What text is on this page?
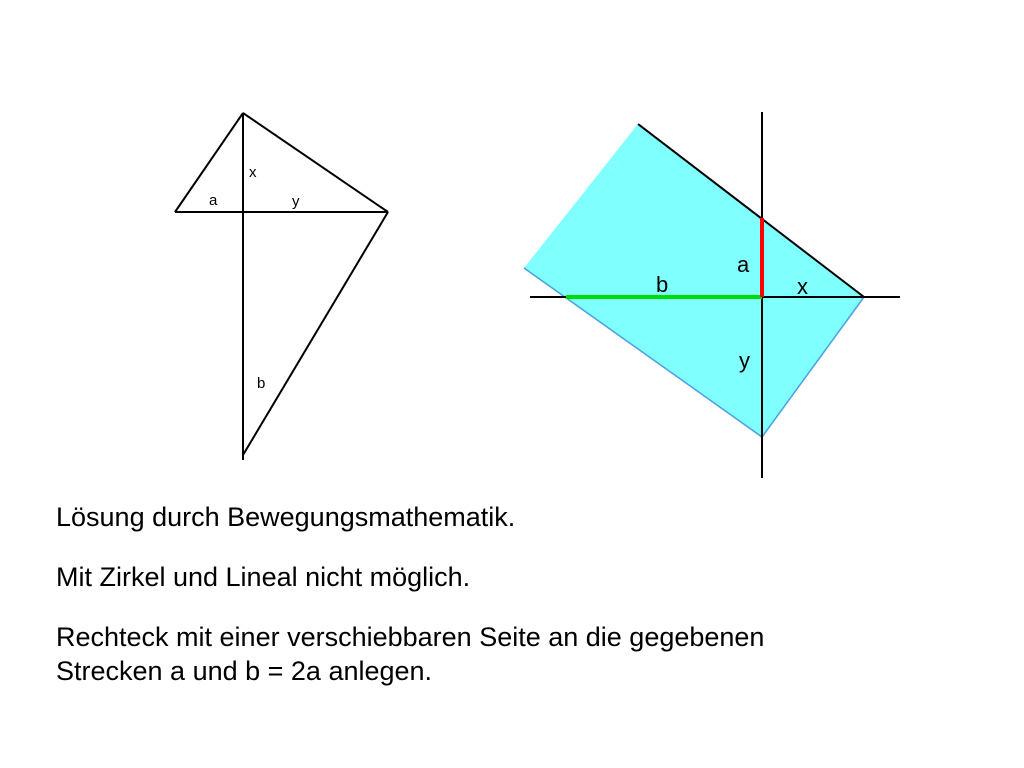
x
a	y
b
a
b	x
y
Lösung durch Bewegungsmathematik.
Mit Zirkel und Lineal nicht möglich.
Rechteck mit einer verschiebbaren Seite an die gegebenen
Strecken a und b = 2a anlegen.
